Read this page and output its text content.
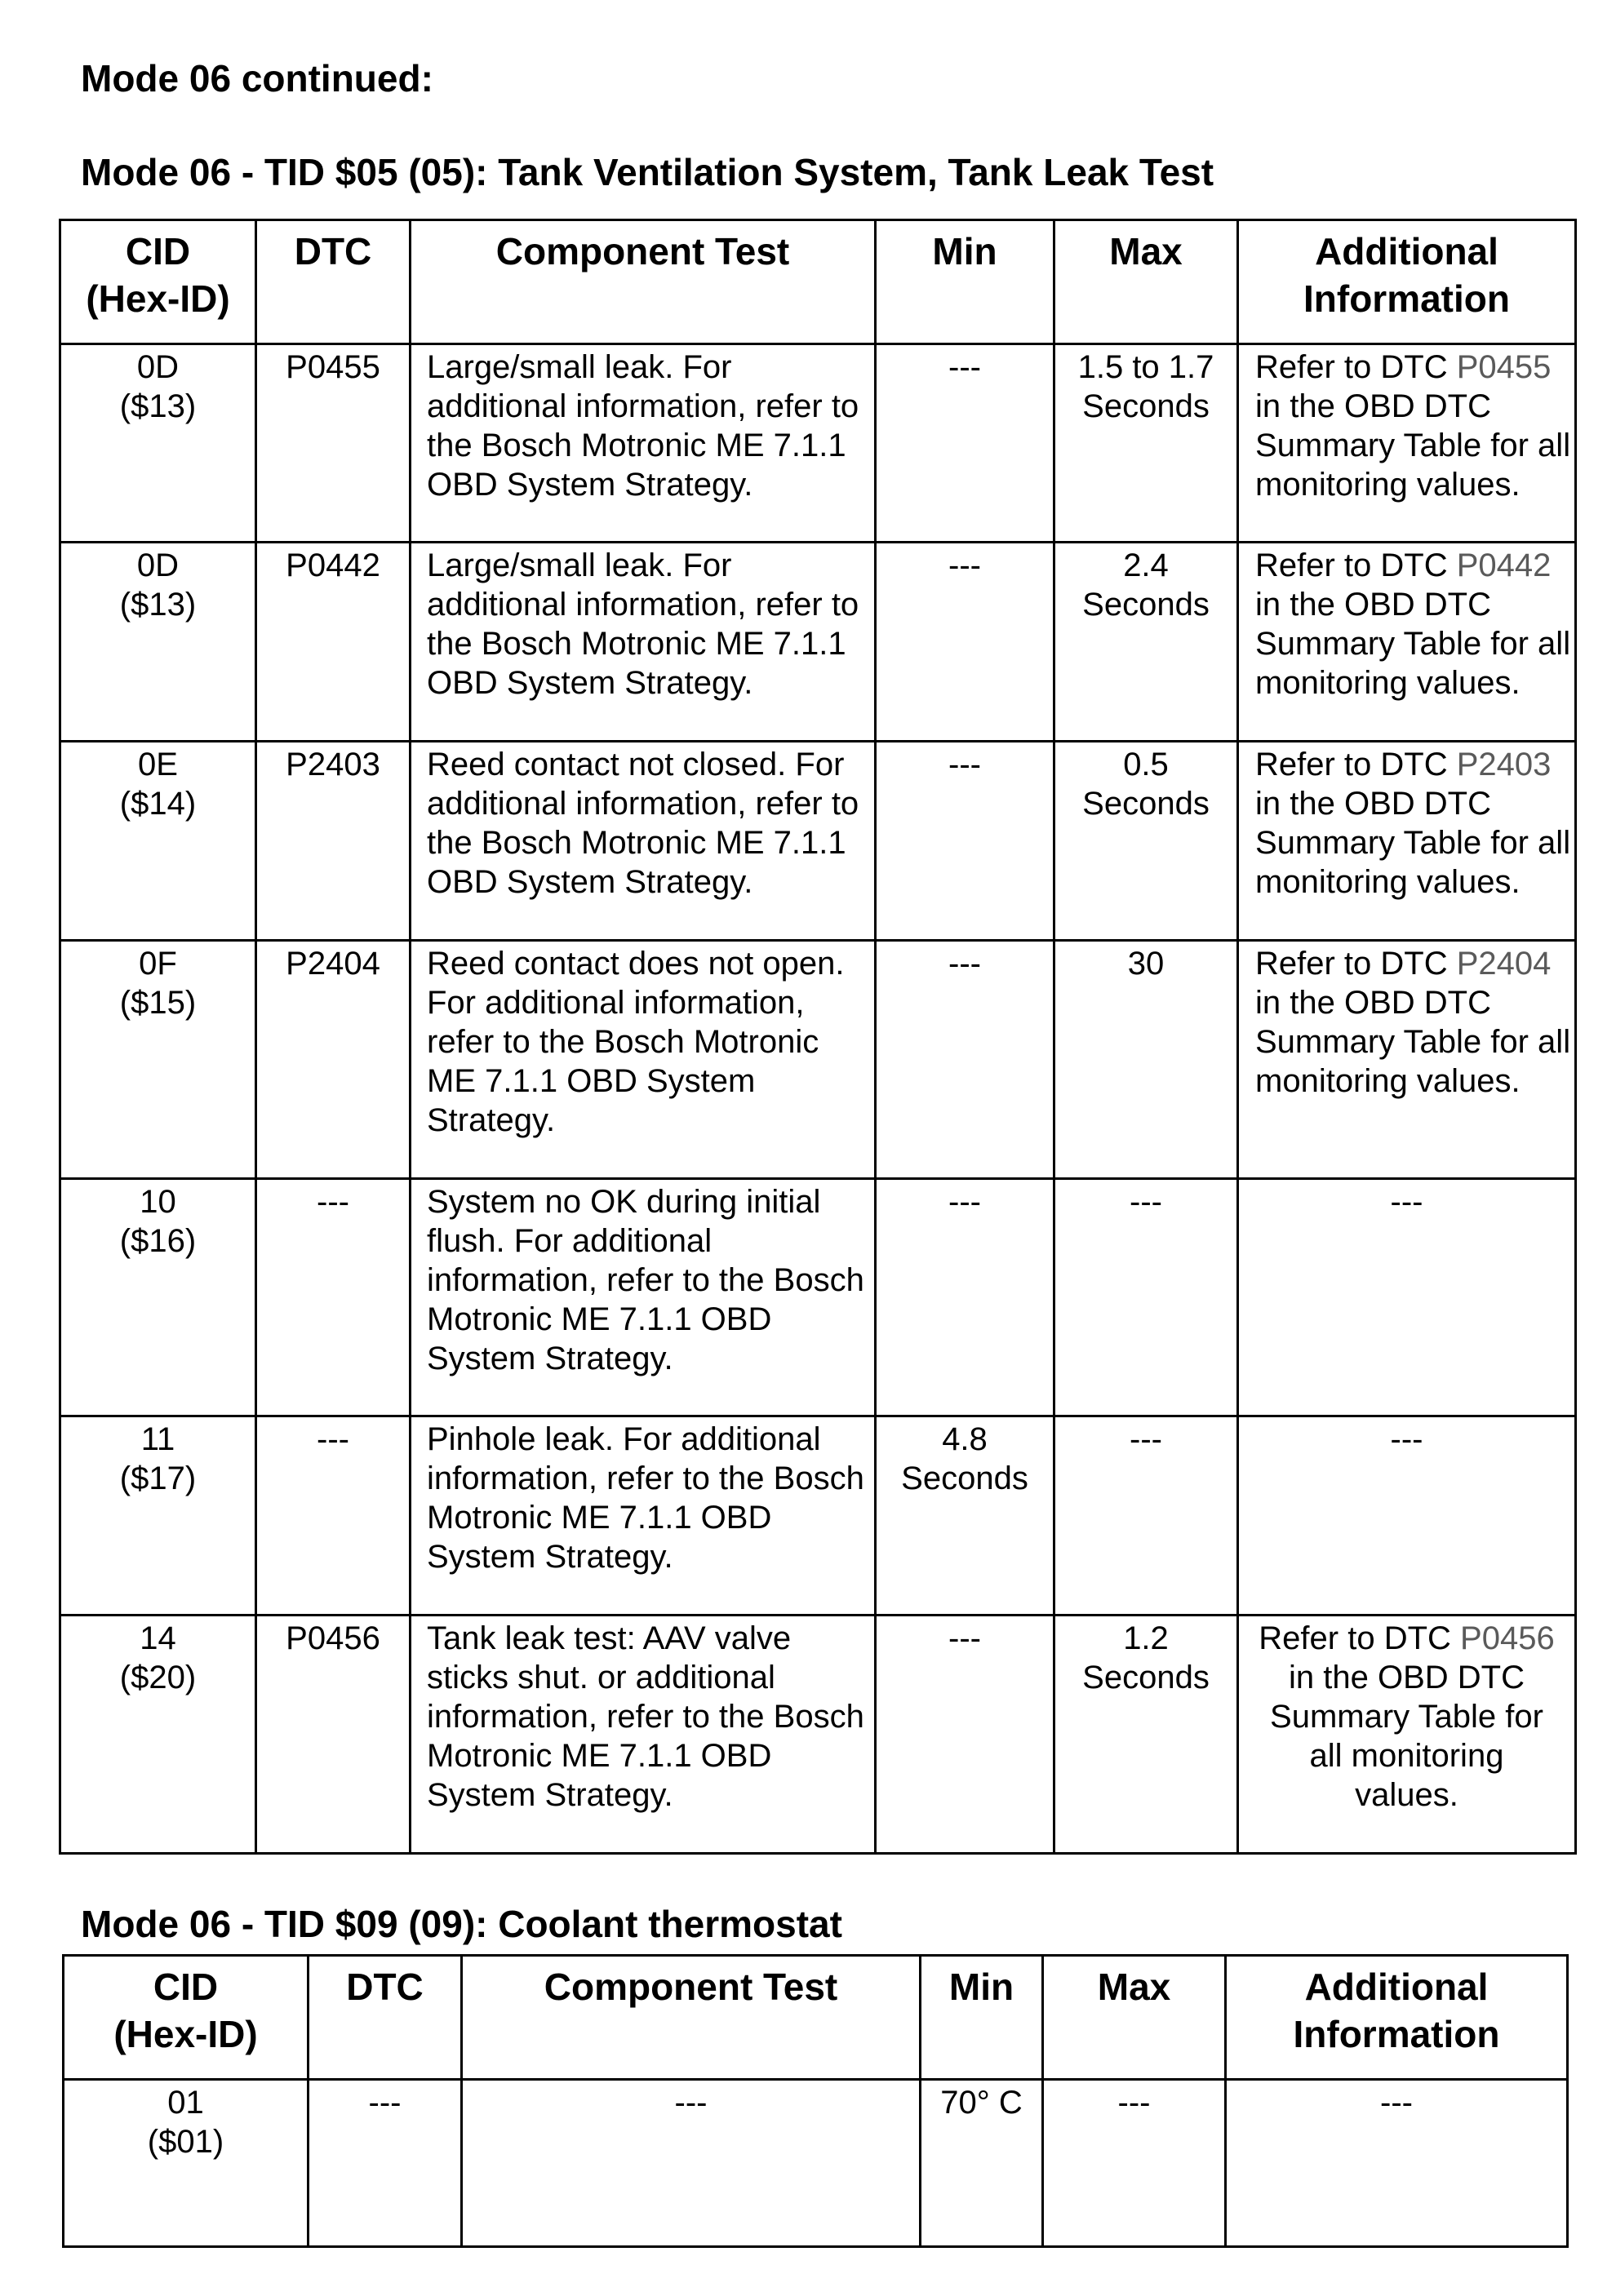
Mode 06 continued:
Mode 06 - TID $05 (05): Tank Ventilation System, Tank Leak Test
CID
(Hex-ID)	DTC	Component Test	Min	Max	Additional
Information

0D
($13)	P0455	Large/small leak. For additional information, refer to the Bosch Motronic ME 7.1.1 OBD System Strategy.	---	1.5 to 1.7 Seconds	Refer to DTC P0455 in the OBD DTC Summary Table for all monitoring values.

0D
($13)	P0442	Large/small leak. For additional information, refer to the Bosch Motronic ME 7.1.1 OBD System Strategy.	---	2.4 Seconds	Refer to DTC P0442 in the OBD DTC Summary Table for all monitoring values.

0E
($14)	P2403	Reed contact not closed. For additional information, refer to the Bosch Motronic ME 7.1.1 OBD System Strategy.	---	0.5 Seconds	Refer to DTC P2403 in the OBD DTC Summary Table for all monitoring values.

0F
($15)	P2404	Reed contact does not open. For additional information, refer to the Bosch Motronic ME 7.1.1 OBD System Strategy.	---	30	Refer to DTC P2404 in the OBD DTC Summary Table for all monitoring values.

10
($16)	---	System no OK during initial flush. For additional information, refer to the Bosch Motronic ME 7.1.1 OBD System Strategy.	---	---	---

11
($17)	---	Pinhole leak. For additional information, refer to the Bosch Motronic ME 7.1.1 OBD System Strategy.	4.8 Seconds	---	---

14
($20)	P0456	Tank leak test: AAV valve sticks shut. or additional information, refer to the Bosch Motronic ME 7.1.1 OBD System Strategy.	---	1.2 Seconds	Refer to DTC P0456 in the OBD DTC Summary Table for all monitoring values.
Mode 06 - TID $09 (09): Coolant thermostat
CID
(Hex-ID)	DTC	Component Test	Min	Max	Additional
Information

01
($01)	---	---	70° C	---	---
